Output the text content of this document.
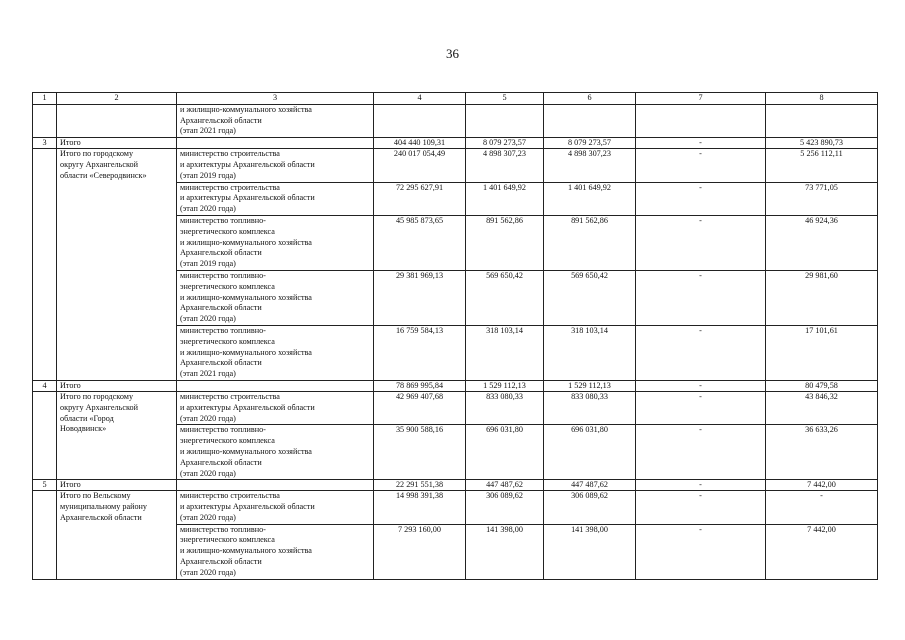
36
1	2	3	4	5	6	7	8
		и жилищно-коммунального хозяйства
Архангельской области
(этап 2021 года)					
3	Итого		404 440 109,31	8 079 273,57	8 079 273,57	-	5 423 890,73
	Итого по городскому
округу Архангельской
области «Северодвинск»	министерство строительства
и архитектуры Архангельской области
(этап 2019 года)	240 017 054,49	4 898 307,23	4 898 307,23	-	5 256 112,11
		министерство строительства
и архитектуры Архангельской области
(этап 2020 года)	72 295 627,91	1 401 649,92	1 401 649,92	-	73 771,05
		министерство топливно-
энергетического комплекса
и жилищно-коммунального хозяйства
Архангельской области
(этап 2019 года)	45 985 873,65	891 562,86	891 562,86	-	46 924,36
		министерство топливно-
энергетического комплекса
и жилищно-коммунального хозяйства
Архангельской области
(этап 2020 года)	29 381 969,13	569 650,42	569 650,42	-	29 981,60
		министерство топливно-
энергетического комплекса
и жилищно-коммунального хозяйства
Архангельской области
(этап 2021 года)	16 759 584,13	318 103,14	318 103,14	-	17 101,61
4	Итого		78 869 995,84	1 529 112,13	1 529 112,13	-	80 479,58
	Итого по городскому
округу Архангельской
области «Город
Новодвинск»	министерство строительства
и архитектуры Архангельской области
(этап 2020 года)	42 969 407,68	833 080,33	833 080,33	-	43 846,32
		министерство топливно-
энергетического комплекса
и жилищно-коммунального хозяйства
Архангельской области
(этап 2020 года)	35 900 588,16	696 031,80	696 031,80	-	36 633,26
5	Итого		22 291 551,38	447 487,62	447 487,62	-	7 442,00
	Итого по Вельскому
муниципальному району
Архангельской области	министерство строительства
и архитектуры Архангельской области
(этап 2020 года)	14 998 391,38	306 089,62	306 089,62	-	-
		министерство топливно-
энергетического комплекса
и жилищно-коммунального хозяйства
Архангельской области
(этап 2020 года)	7 293 160,00	141 398,00	141 398,00	-	7 442,00
